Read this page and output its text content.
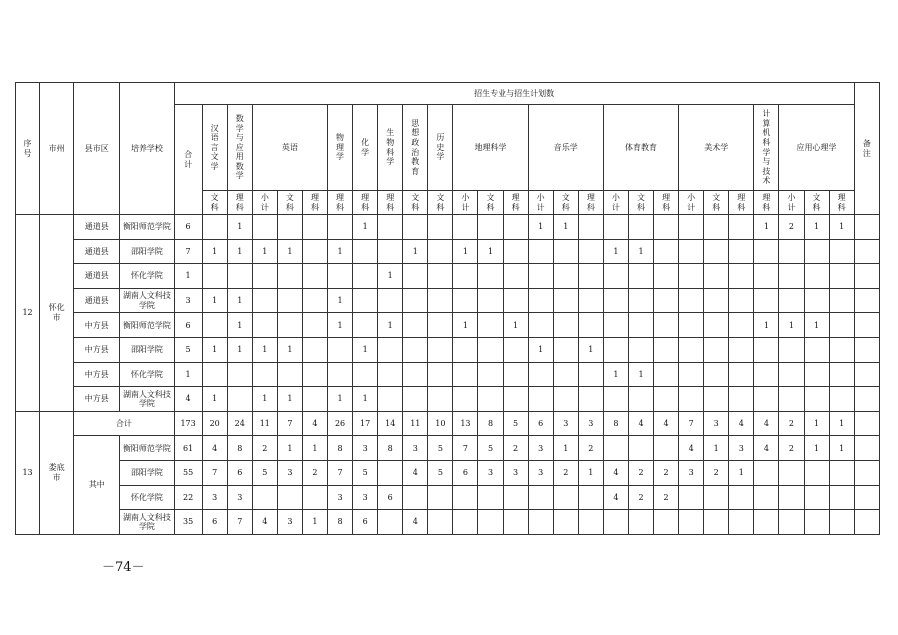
序号	市州	县市区	培养学校	招生专业与招生计划数																											备注
				合计	汉语言文学	数学与应用数学	英语			物理学	化学	生物科学	思想政治教育	历史学	地理科学			音乐学			体育教育			美术学			计算机科学与技术	应用心理学			
					文科	理科	小计	文科	理科	理科	理科	理科	文科	文科	小计	文科	理科	小计	文科	理科	小计	文科	理科	小计	文科	理科	理科	小计	文科	理科	
12	怀化市	通道县	衡阳师范学院	6		1					1							1	1								1	2	1	1	
		通道县	邵阳学院	7	1	1	1	1		1			1		1	1					1	1									
		通道县	怀化学院	1								1																			
		通道县	湖南人文科技学院	3	1	1				1																					
		中方县	衡阳师范学院	6		1				1		1			1		1										1	1	1		
		中方县	邵阳学院	5	1	1	1	1			1							1		1											
		中方县	怀化学院	1																	1	1									
		中方县	湖南人文科技学院	4	1		1	1		1	1																				
13	娄底市	合计		173	20	24	11	7	4	26	17	14	11	10	13	8	5	6	3	3	8	4	4	7	3	4	4	2	1	1	
		其中	衡阳师范学院	61	4	8	2	1	1	8	3	8	3	5	7	5	2	3	1	2				4	1	3	4	2	1	1	
			邵阳学院	55	7	6	5	3	2	7	5		4	5	6	3	3	3	2	1	4	2	2	3	2	1					
			怀化学院	22	3	3				3	3	6									4	2	2								
			湖南人文科技学院	35	6	7	4	3	1	8	6		4																		
－74－
